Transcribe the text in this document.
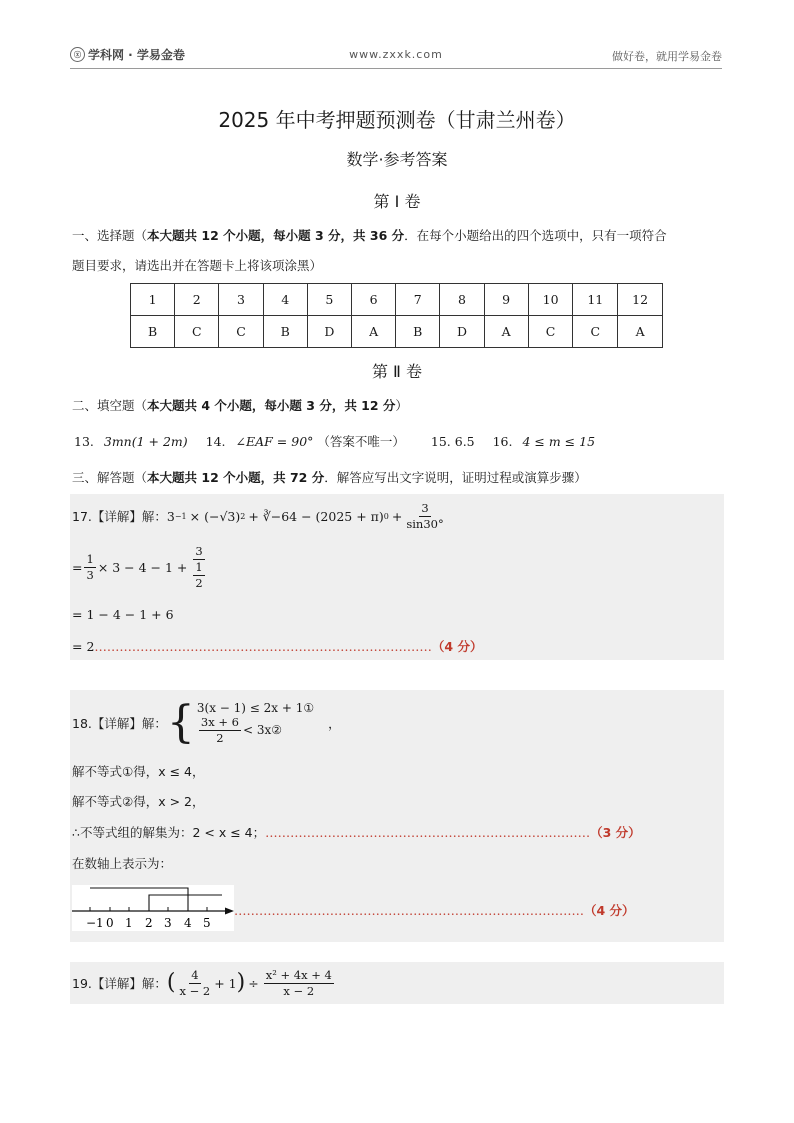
ⓧ 学科网 · 学易金卷	www.zxxk.com	做好卷，就用学易金卷
2025 年中考押题预测卷（甘肃兰州卷）
数学·参考答案
第 Ⅰ 卷
一、选择题（本大题共 12 个小题，每小题 3 分，共 36 分．在每个小题给出的四个选项中，只有一项符合
题目要求，请选出并在答题卡上将该项涂黑）
1	2	3	4	5	6	7	8	9	10	11	12
B	C	C	B	D	A	B	D	A	C	C	A
第 Ⅱ 卷
二、填空题（本大题共 4 个小题，每小题 3 分，共 12 分）
13. 3mn(1 + 2m) 14. ∠EAF = 90° （答案不唯一） 15. 6.5 16. 4 ≤ m ≤ 15
三、解答题（本大题共 12 个小题，共 72 分．解答应写出文字说明，证明过程或演算步骤）
17.【详解】解： 3 −1 × (−√3) 2 + ∛−64 − (2025 + π) $0 + \frac{3}{\sin 30^\circ}$
= $\frac{1}{3} \times 3 - 4 - 1 + \frac{3}{\frac{1}{2}}$
= 1 − 4 − 1 + 6
= 2 ……………………………………………………………………… （4 分）
18.【详解】解： { 3(x − 1) ≤ 2x + 1①
$\frac{3x + 6}{2}$ < 3x②	，
解不等式①得，x ≤ 4，
解不等式②得，x > 2，
∴不等式组的解集为：2 < x ≤ 4； …………………………………………………………………… （3 分）
在数轴上表示为：
−1 0 1 2 3 4 5
………………………………………………………………………… （4 分）
19.【详解】解： ( $\frac{4}{x - 2} + 1$ ) ÷ $\frac{\text{x² + 4x + 4}}{x - 2}$
